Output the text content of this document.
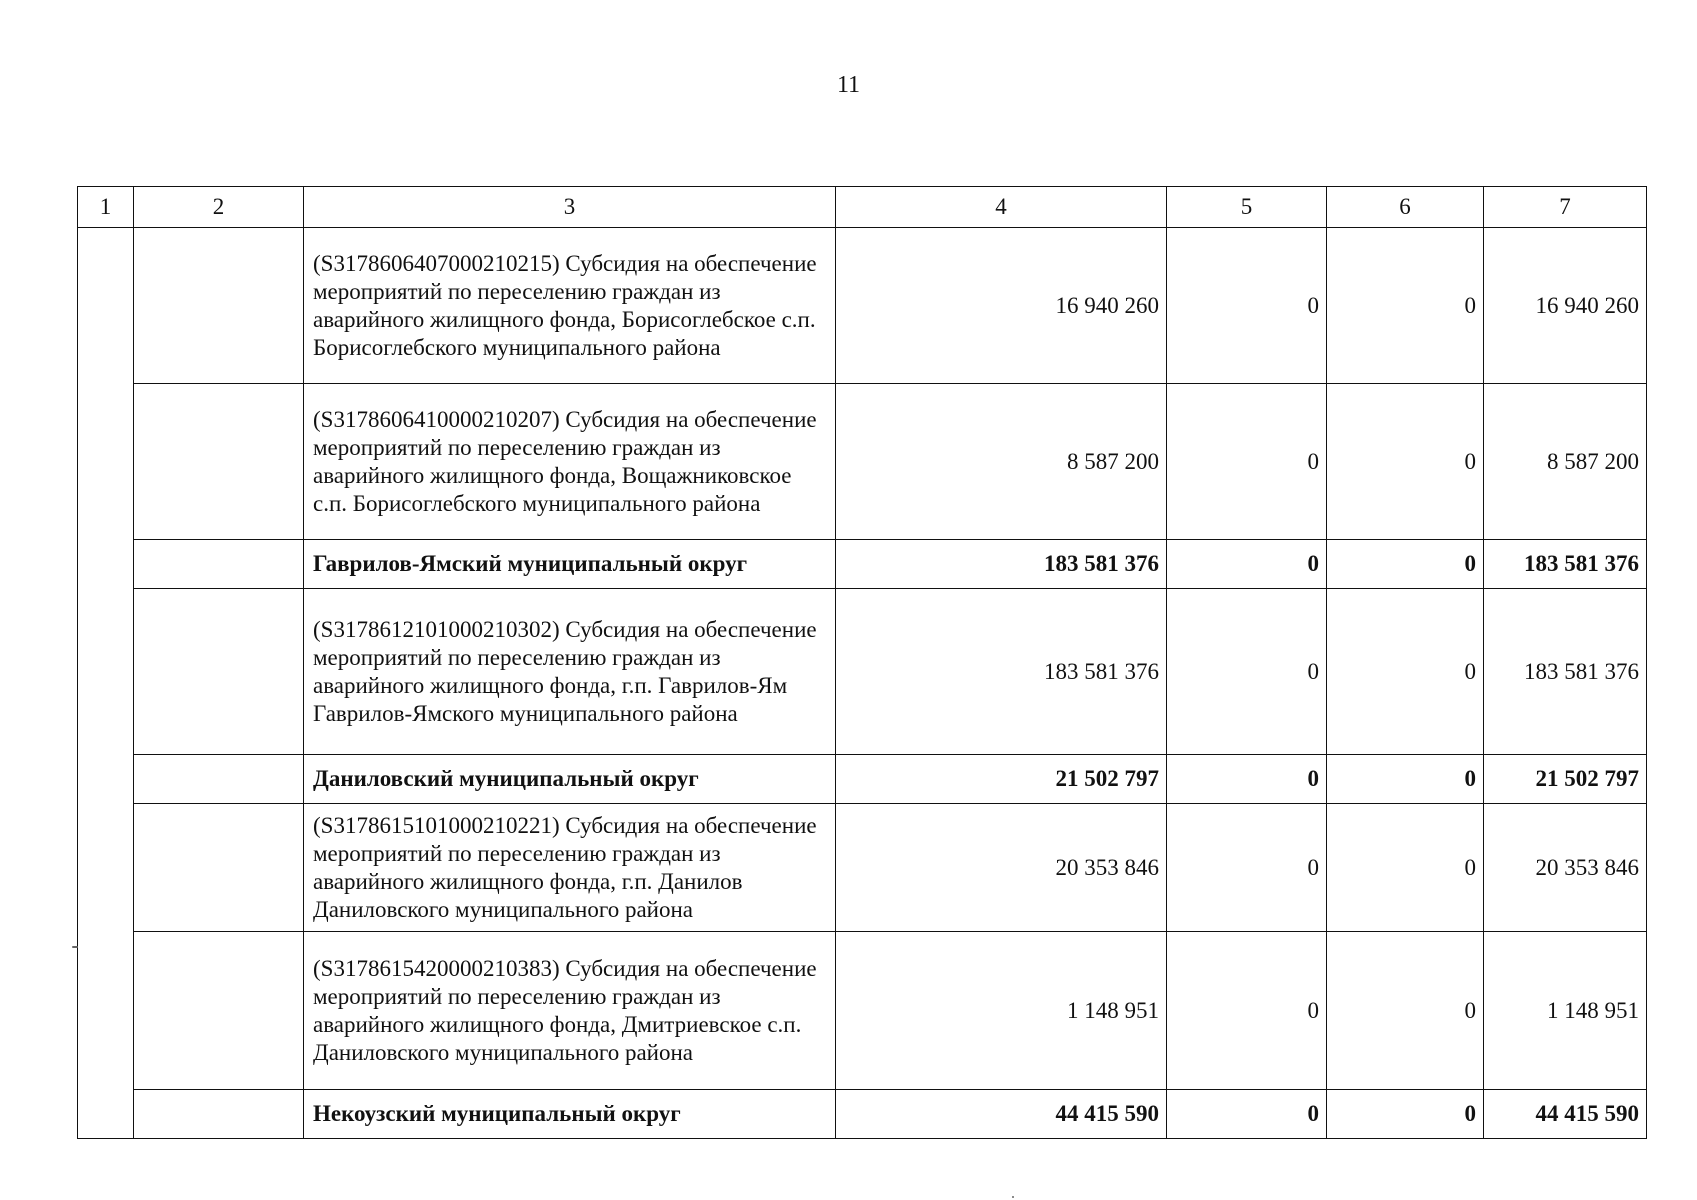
11
1	2	3	4	5	6	7
		(S3178606407000210215) Субсидия на обеспечение мероприятий по переселению граждан из аварийного жилищного фонда, Борисоглебское с.п. Борисоглебского муниципального района	16 940 260	0	0	16 940 260
		(S3178606410000210207) Субсидия на обеспечение мероприятий по переселению граждан из аварийного жилищного фонда, Вощажниковское с.п. Борисоглебского муниципального района	8 587 200	0	0	8 587 200
		Гаврилов-Ямский муниципальный округ	183 581 376	0	0	183 581 376
		(S3178612101000210302) Субсидия на обеспечение мероприятий по переселению граждан из аварийного жилищного фонда, г.п. Гаврилов-Ям Гаврилов-Ямского муниципального района	183 581 376	0	0	183 581 376
		Даниловский муниципальный округ	21 502 797	0	0	21 502 797
		(S3178615101000210221) Субсидия на обеспечение мероприятий по переселению граждан из аварийного жилищного фонда, г.п. Данилов Даниловского муниципального района	20 353 846	0	0	20 353 846
		(S3178615420000210383) Субсидия на обеспечение мероприятий по переселению граждан из аварийного жилищного фонда, Дмитриевское с.п. Даниловского муниципального района	1 148 951	0	0	1 148 951
		Некоузский муниципальный округ	44 415 590	0	0	44 415 590
